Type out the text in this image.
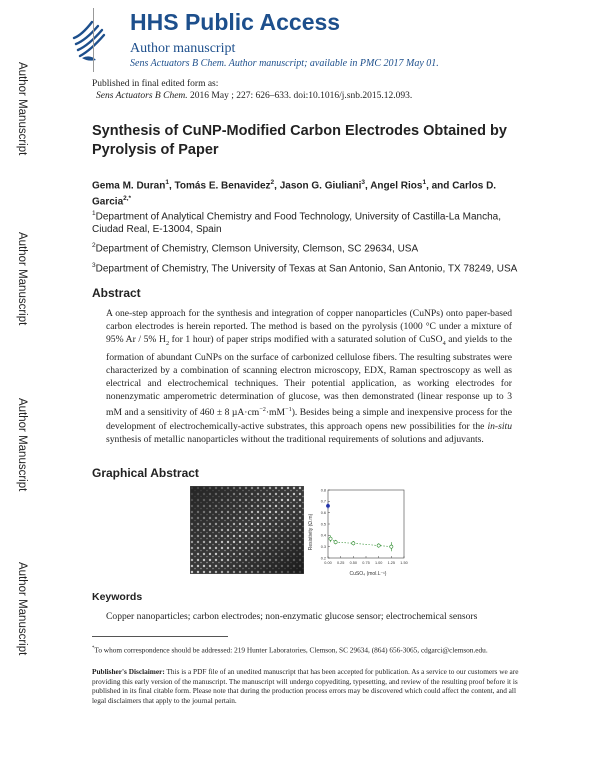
Author Manuscript
Author Manuscript
Author Manuscript
Author Manuscript
HHS Public Access
Author manuscript
Sens Actuators B Chem. Author manuscript; available in PMC 2017 May 01.
Published in final edited form as:
Sens Actuators B Chem. 2016 May ; 227: 626–633. doi:10.1016/j.snb.2015.12.093.
Synthesis of CuNP-Modified Carbon Electrodes Obtained by Pyrolysis of Paper
Gema M. Duran$^1$, Tomás E. Benavidez$^2$, Jason G. Giuliani$^3$, Angel Rios$^1$, and Carlos D. Garcia$^{2,*}$
$^1$Department of Analytical Chemistry and Food Technology, University of Castilla-La Mancha, Ciudad Real, E-13004, Spain
$^2$Department of Chemistry, Clemson University, Clemson, SC 29634, USA
$^3$Department of Chemistry, The University of Texas at San Antonio, San Antonio, TX 78249, USA
Abstract
A one-step approach for the synthesis and integration of copper nanoparticles (CuNPs) onto paper-based carbon electrodes is herein reported. The method is based on the pyrolysis (1000 °C under a mixture of 95% Ar / 5% $H_2$ for 1 hour) of paper strips modified with a saturated solution of CuSO$_4$ and yields to the formation of abundant CuNPs on the surface of carbonized cellulose fibers. The resulting substrates were characterized by a combination of scanning electron microscopy, EDX, Raman spectroscopy as well as electrical and electrochemical techniques. Their potential application, as working electrodes for nonenzymatic amperometric determination of glucose, was then demonstrated (linear response up to 3 mM and a sensitivity of 460 ± 8 $\mu A\cdot cm^{-2}\cdot mM^{-1}$). Besides being a simple and inexpensive process for the development of electrochemically-active substrates, this approach opens new possibilities for the in-situ synthesis of metallic nanoparticles without the traditional requirements of solutions and adjuvants.
Graphical Abstract
Resistivity (Ω.m)
CuSO₄ (mol.L⁻¹)
0.00 0.25 0.50 0.75 1.00 1.25 1.50
0.8
0.7
0.6
0.5
0.4
0.3
0.2
Keywords
Copper nanoparticles; carbon electrodes; non-enzymatic glucose sensor; electrochemical sensors
*To whom correspondence should be addressed: 219 Hunter Laboratories, Clemson, SC 29634, (864) 656-3065, cdgarci@clemson.edu.
Publisher's Disclaimer: This is a PDF file of an unedited manuscript that has been accepted for publication. As a service to our customers we are providing this early version of the manuscript. The manuscript will undergo copyediting, typesetting, and review of the resulting proof before it is published in its final citable form. Please note that during the production process errors may be discovered which could affect the content, and all legal disclaimers that apply to the journal pertain.
